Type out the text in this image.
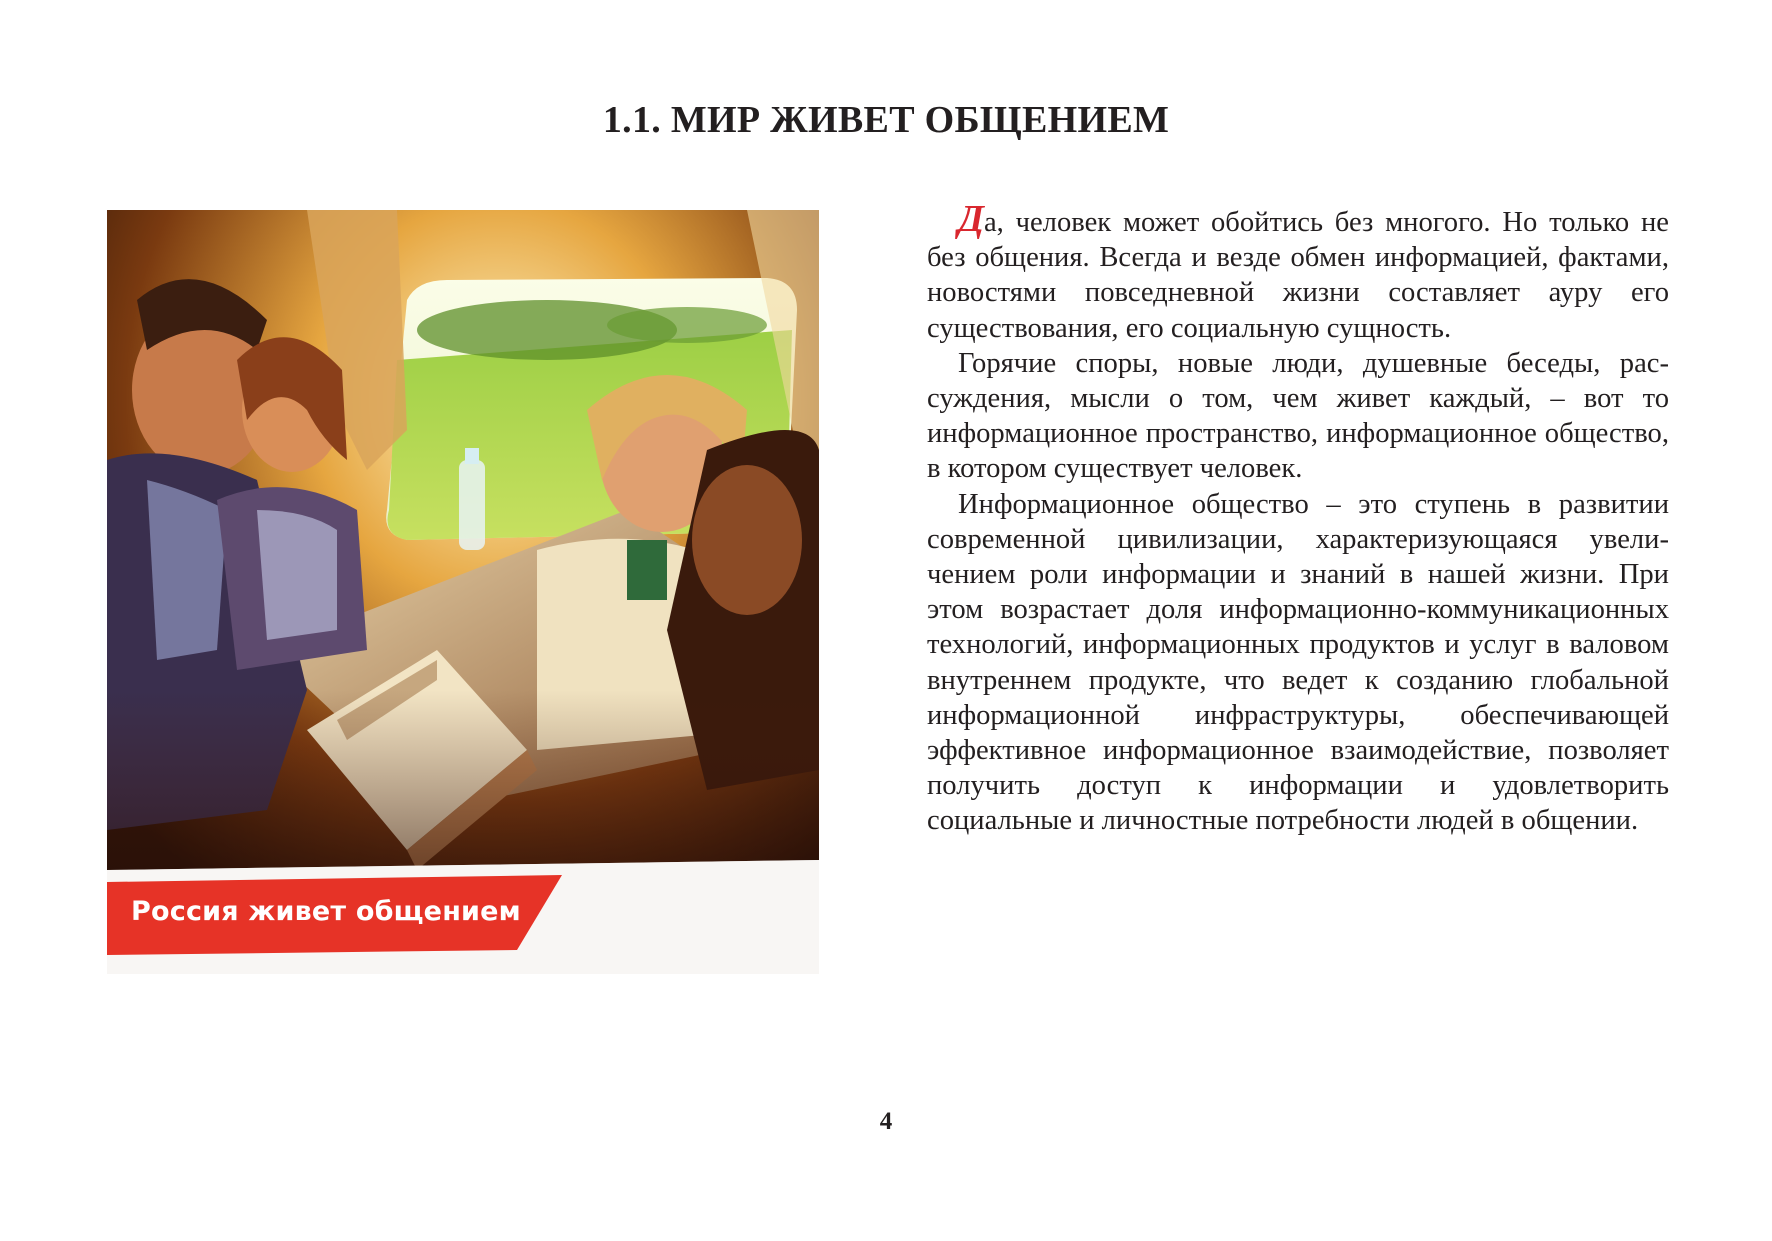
1.1. МИР ЖИВЕТ ОБЩЕНИЕМ
Россия живет общением

Да, человек может обойтись без многого. Но только не без общения. Всегда и везде обмен информацией, фактами, новостями повседневной жизни составляет ауру его существования, его социальную сущность.

Горячие споры, новые люди, душевные беседы, рассуждения, мысли о том, чем живет каждый, – вот то информационное пространство, информационное общество, в котором существует человек.

Информационное общество – это ступень в развитии современной цивилизации, характеризующаяся увеличением роли информации и знаний в нашей жизни. При этом возрастает доля информационно-коммуникационных технологий, информационных продуктов и услуг в валовом внутреннем продукте, что ведет к созданию глобальной информационной инфраструктуры, обеспечивающей эффективное информационное взаимодействие, позволяет получить доступ к информации и удовлетворить социальные и личностные потребности людей в общении.

4
